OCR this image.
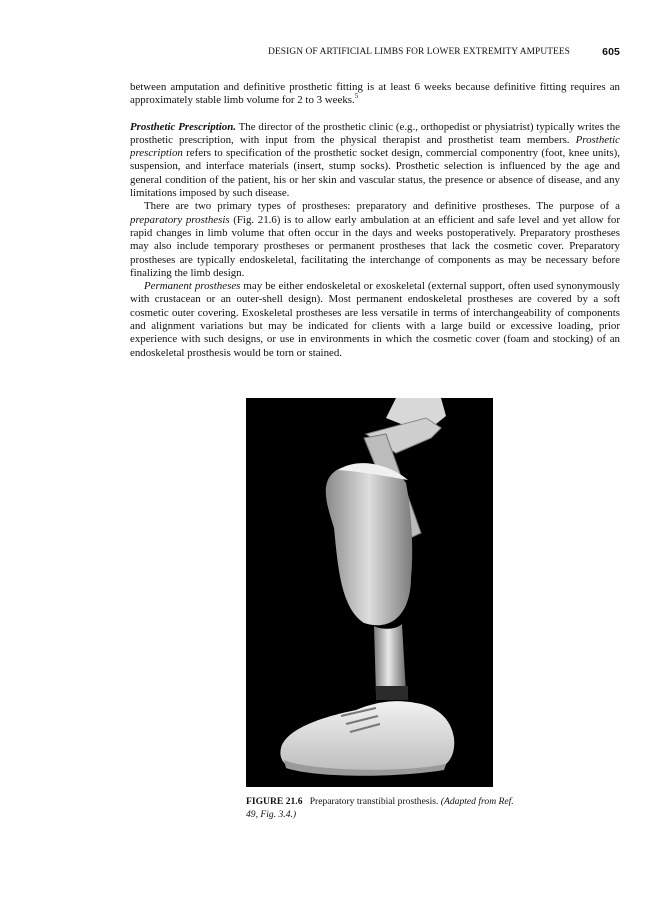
DESIGN OF ARTIFICIAL LIMBS FOR LOWER EXTREMITY AMPUTEES	605

between amputation and definitive prosthetic fitting is at least 6 weeks because definitive fitting requires an approximately stable limb volume for 2 to 3 weeks.$^5$

Prosthetic Prescription. The director of the prosthetic clinic (e.g., orthopedist or physiatrist) typically writes the prosthetic prescription, with input from the physical therapist and prosthetist team members. Prosthetic prescription refers to specification of the prosthetic socket design, commercial componentry (foot, knee units), suspension, and interface materials (insert, stump socks). Prosthetic selection is influenced by the age and general condition of the patient, his or her skin and vascular status, the presence or absence of disease, and any limitations imposed by such disease.

There are two primary types of prostheses: preparatory and definitive prostheses. The purpose of a preparatory prosthesis (Fig. 21.6) is to allow early ambulation at an efficient and safe level and yet allow for rapid changes in limb volume that often occur in the days and weeks postoperatively. Preparatory prostheses may also include temporary prostheses or permanent prostheses that lack the cosmetic cover. Preparatory prostheses are typically endoskeletal, facilitating the interchange of components as may be necessary before finalizing the limb design.

Permanent prostheses may be either endoskeletal or exoskeletal (external support, often used synonymously with crustacean or an outer-shell design). Most permanent endoskeletal prostheses are covered by a soft cosmetic outer covering. Exoskeletal prostheses are less versatile in terms of interchangeability of components and alignment variations but may be indicated for clients with a large build or excessive loading, prior experience with such designs, or use in environments in which the cosmetic cover (foam and stocking) of an endoskeletal prosthesis would be torn or stained.

FIGURE 21.6 Preparatory transtibial prosthesis. (Adapted from Ref. 49, Fig. 3.4.)
